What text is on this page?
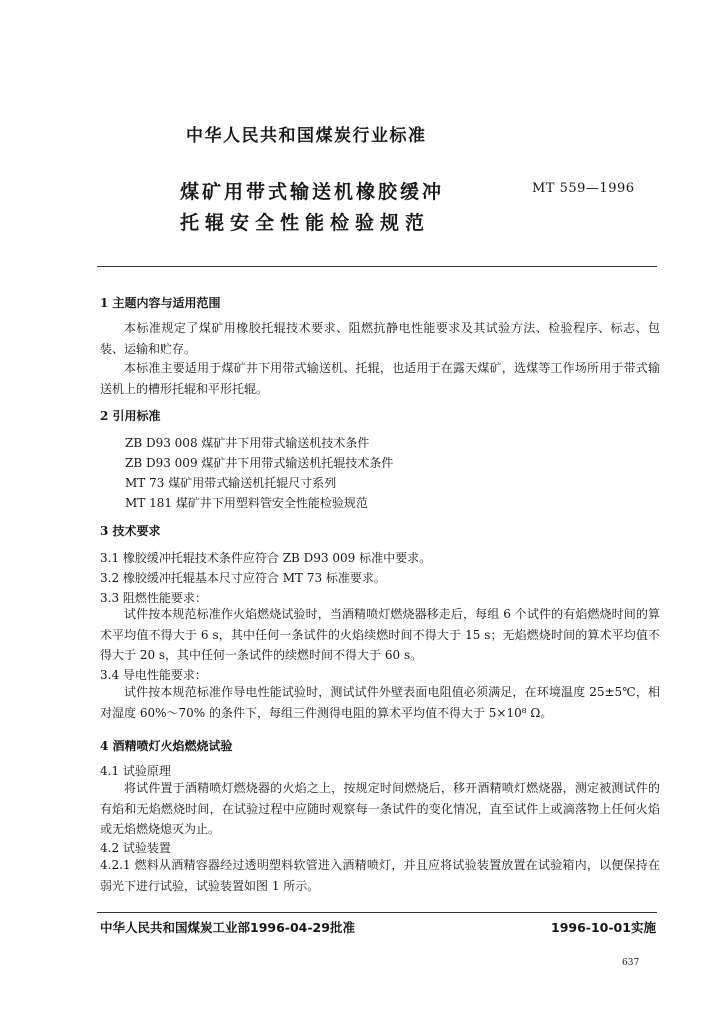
中华人民共和国煤炭行业标准
煤矿用带式输送机橡胶缓冲
托辊安全性能检验规范
MT 559—1996
1 主题内容与适用范围
本标准规定了煤矿用橡胶托辊技术要求、阻燃抗静电性能要求及其试验方法、检验程序、标志、包装、运输和贮存。
本标准主要适用于煤矿井下用带式输送机、托辊，也适用于在露天煤矿，选煤等工作场所用于带式输送机上的槽形托辊和平形托辊。
2 引用标准
ZB D93 008 煤矿井下用带式输送机技术条件
ZB D93 009 煤矿井下用带式输送机托辊技术条件
MT 73 煤矿用带式输送机托辊尺寸系列
MT 181 煤矿井下用塑料管安全性能检验规范
3 技术要求
3.1 橡胶缓冲托辊技术条件应符合 ZB D93 009 标准中要求。
3.2 橡胶缓冲托辊基本尺寸应符合 MT 73 标准要求。
3.3 阻燃性能要求：
试件按本规范标准作火焰燃烧试验时，当酒精喷灯燃烧器移走后，每组 6 个试件的有焰燃烧时间的算术平均值不得大于 6 s，其中任何一条试件的火焰续燃时间不得大于 15 s；无焰燃烧时间的算术平均值不得大于 20 s，其中任何一条试件的续燃时间不得大于 60 s。
3.4 导电性能要求：
试件按本规范标准作导电性能试验时，测试试件外壁表面电阻值必须满足，在环境温度 25±5℃，相对湿度 60%～70% 的条件下，每组三件测得电阻的算术平均值不得大于 5×10⁸ Ω。
4 酒精喷灯火焰燃烧试验
4.1 试验原理
将试件置于酒精喷灯燃烧器的火焰之上，按规定时间燃烧后，移开酒精喷灯燃烧器，测定被测试件的有焰和无焰燃烧时间，在试验过程中应随时观察每一条试件的变化情况，直至试件上或滴落物上任何火焰或无焰燃烧熄灭为止。
4.2 试验装置
4.2.1 燃料从酒精容器经过透明塑料软管进入酒精喷灯，并且应将试验装置放置在试验箱内，以便保持在弱光下进行试验，试验装置如图 1 所示。
中华人民共和国煤炭工业部1996-04-29批准	1996-10-01实施
637
